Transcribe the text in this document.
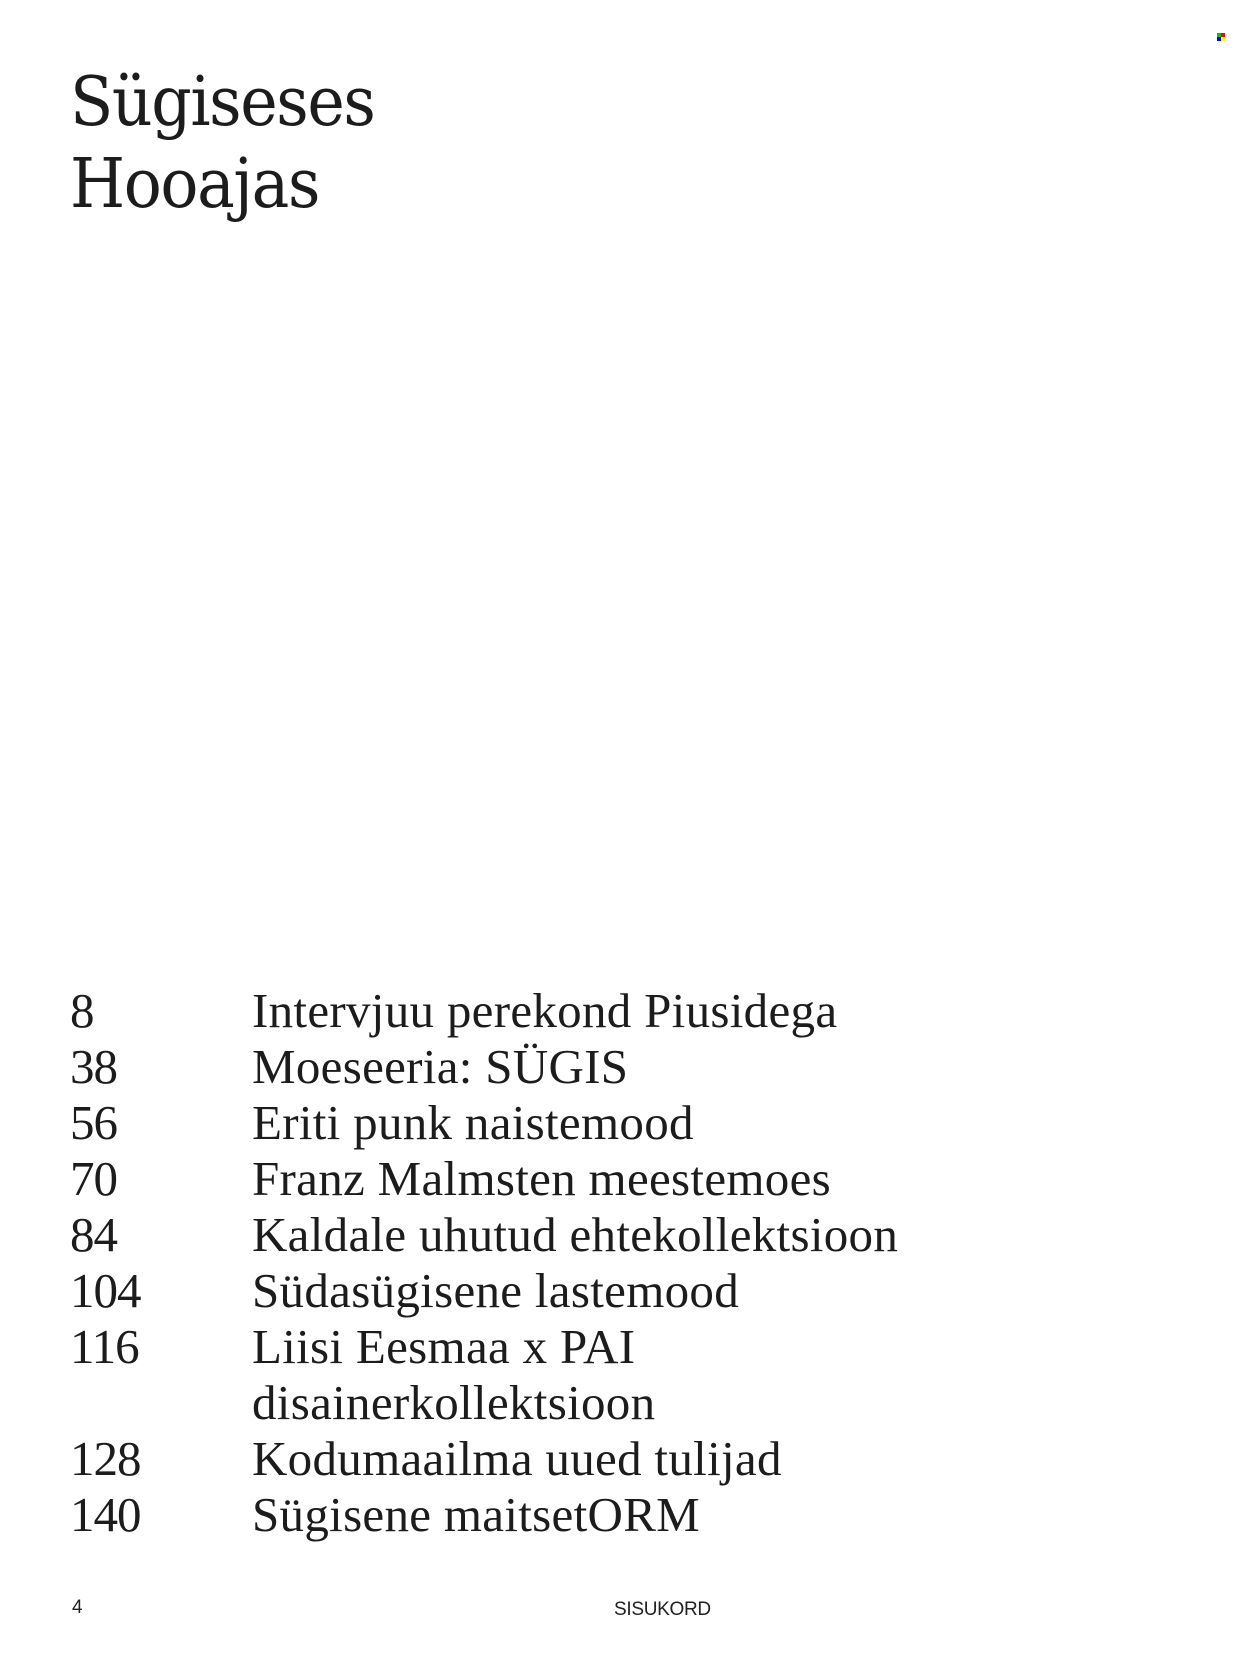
Sügiseses
Hooajas
8	Intervjuu perekond Piusidega
38	Moeseeria: SÜGIS
56	Eriti punk naistemood
70	Franz Malmsten meestemoes
84	Kaldale uhutud ehtekollektsioon
104	Südasügisene lastemood
116	Liisi Eesmaa x PAI disainerkollektsioon
128	Kodumaailma uued tulijad
140	Sügisene maitsetORM
4	SISUKORD
